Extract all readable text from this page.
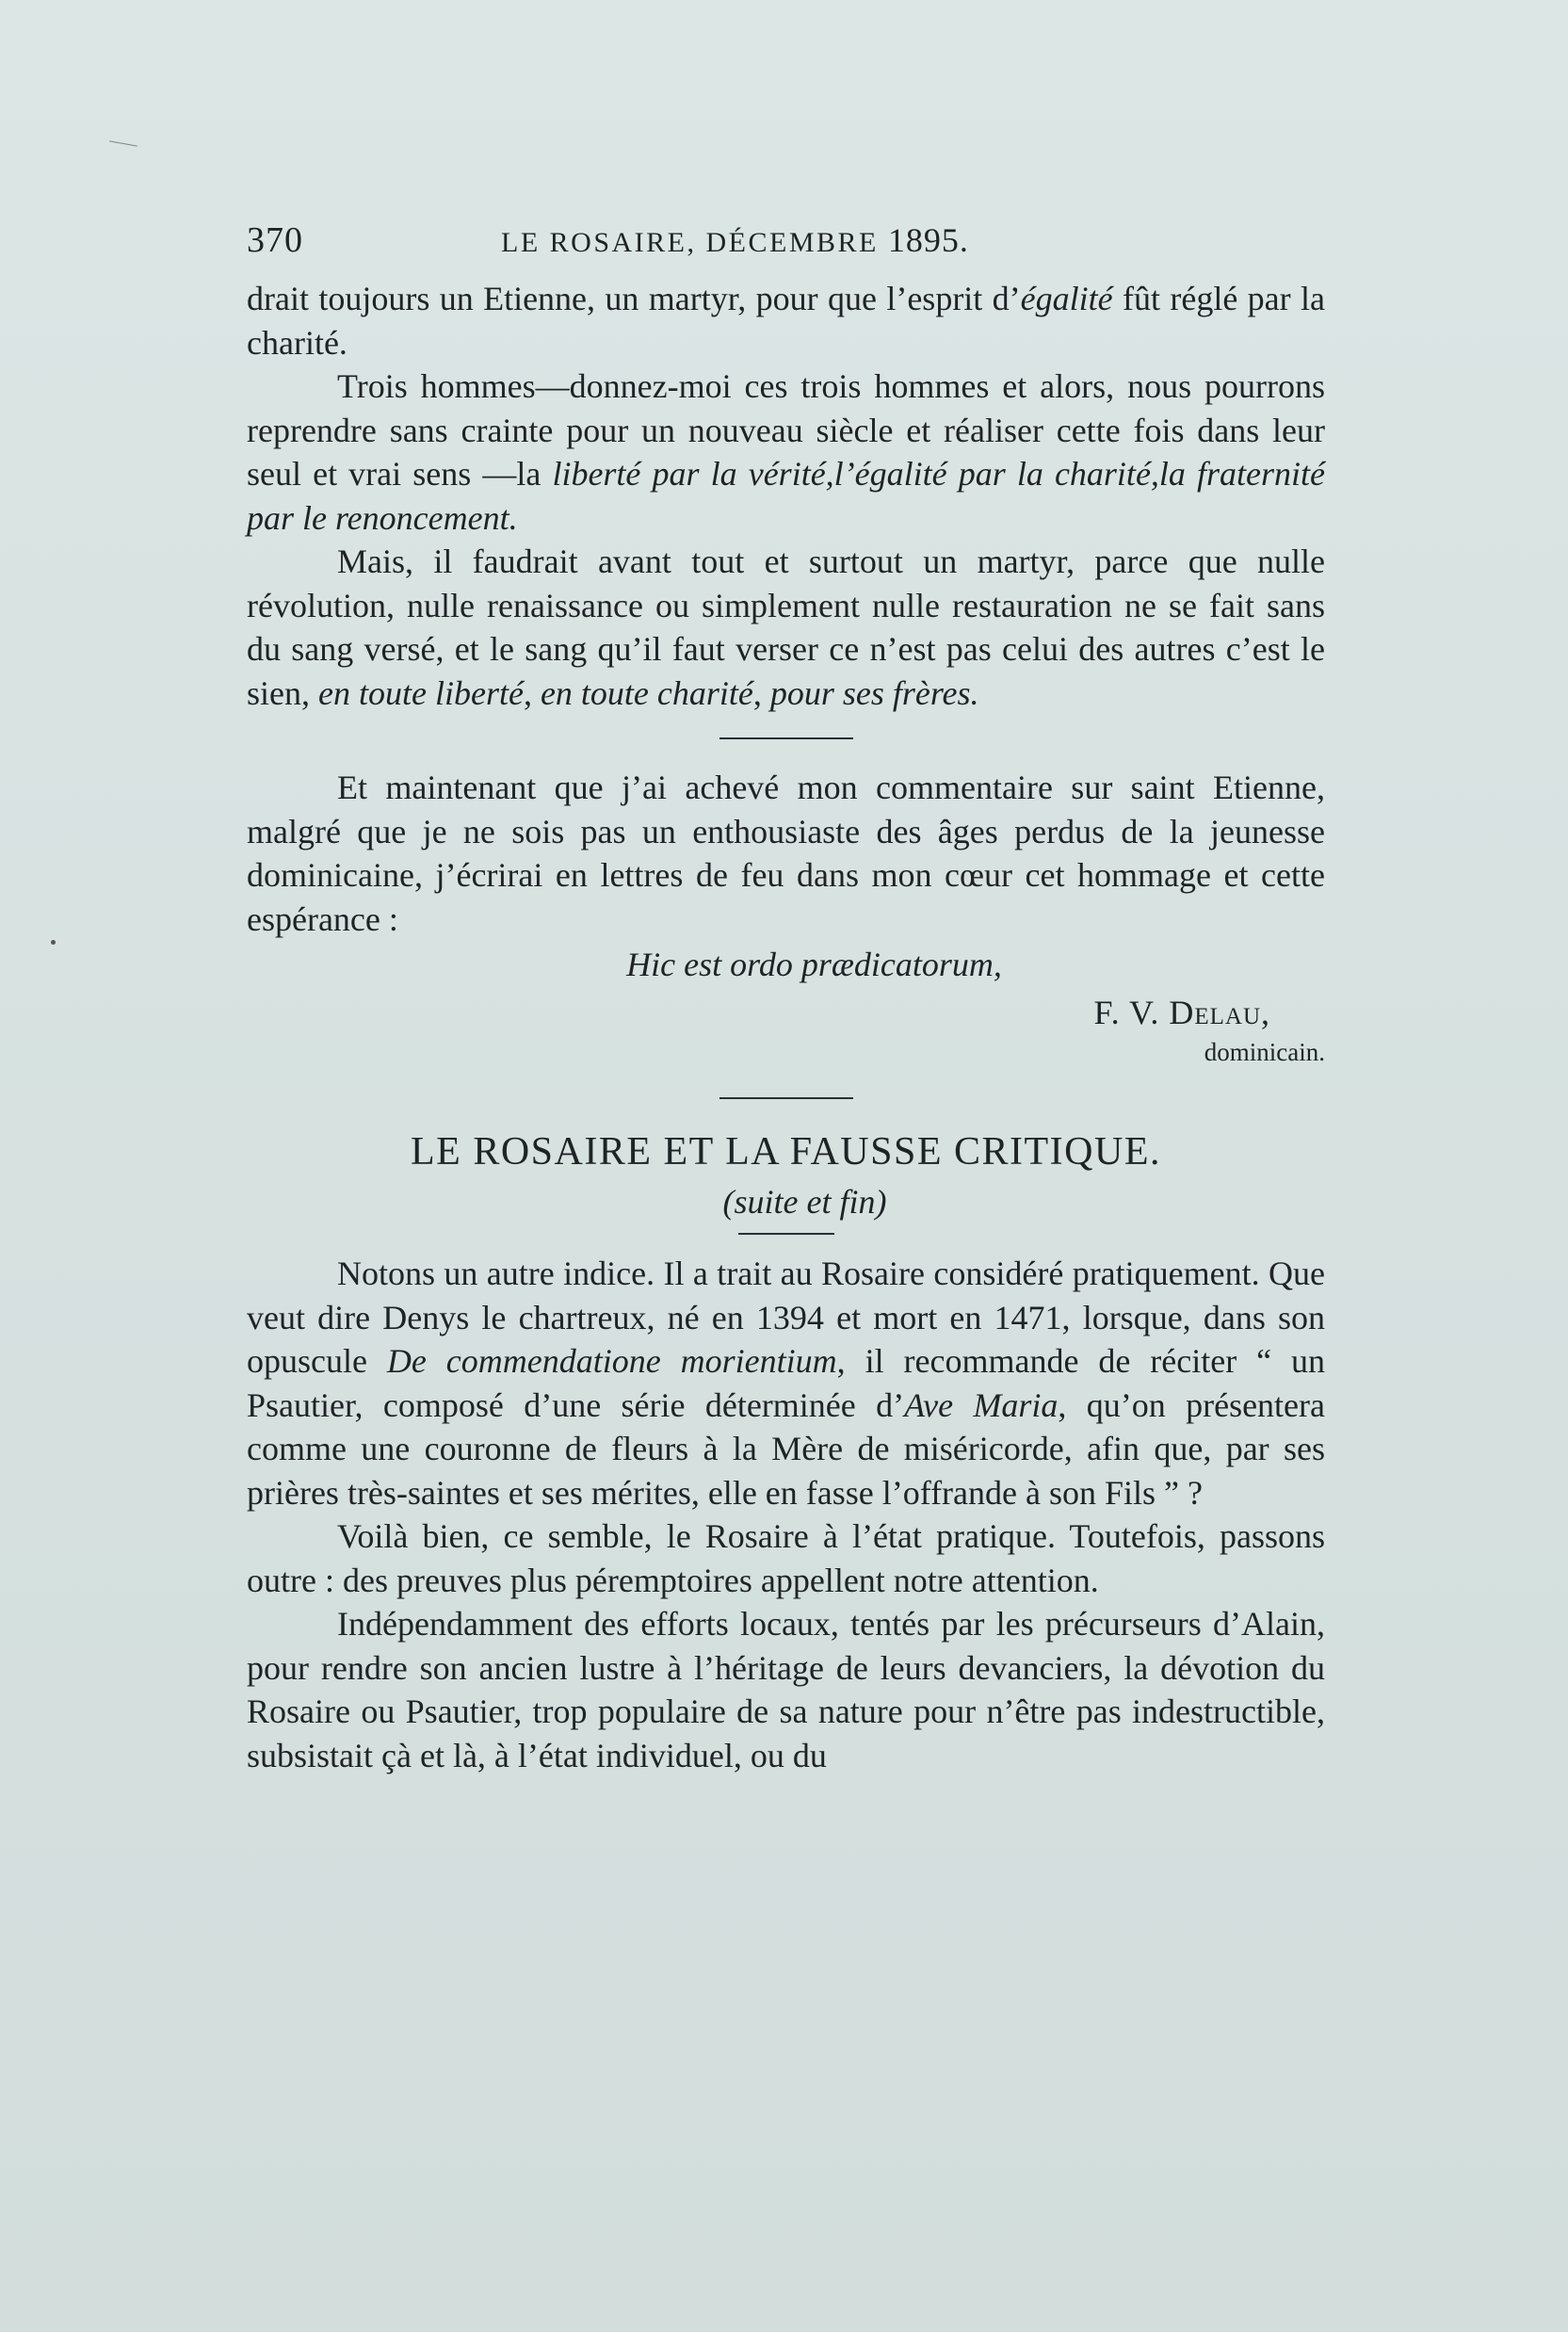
370	LE ROSAIRE, DÉCEMBRE 1895.

drait toujours un Etienne, un martyr, pour que l’esprit d’égalité fût réglé par la charité.

Trois hommes—donnez-moi ces trois hommes et alors, nous pourrons reprendre sans crainte pour un nouveau siècle et réaliser cette fois dans leur seul et vrai sens —la liberté par la vérité,l’égalité par la charité,la fraternité par le renoncement.

Mais, il faudrait avant tout et surtout un martyr, parce que nulle révolution, nulle renaissance ou simplement nulle restauration ne se fait sans du sang versé, et le sang qu’il faut verser ce n’est pas celui des autres c’est le sien, en toute liberté, en toute charité, pour ses frères.

Et maintenant que j’ai achevé mon commentaire sur saint Etienne, malgré que je ne sois pas un enthousiaste des âges perdus de la jeunesse dominicaine, j’écrirai en lettres de feu dans mon cœur cet hommage et cette espérance :

Hic est ordo prædicatorum,
F. V. Delau,
dominicain.
LE ROSAIRE ET LA FAUSSE CRITIQUE.
(suite et fin)

Notons un autre indice. Il a trait au Rosaire considéré pratiquement. Que veut dire Denys le chartreux, né en 1394 et mort en 1471, lorsque, dans son opuscule De commendatione morientium, il recommande de réciter “ un Psautier, composé d’une série déterminée d’Ave Maria, qu’on présentera comme une couronne de fleurs à la Mère de miséricorde, afin que, par ses prières très-saintes et ses mérites, elle en fasse l’offrande à son Fils ” ?

Voilà bien, ce semble, le Rosaire à l’état pratique. Toutefois, passons outre : des preuves plus péremptoires appellent notre attention.

Indépendamment des efforts locaux, tentés par les précurseurs d’Alain, pour rendre son ancien lustre à l’héritage de leurs devanciers, la dévotion du Rosaire ou Psautier, trop populaire de sa nature pour n’être pas indestructible, subsistait çà et là, à l’état individuel, ou du
